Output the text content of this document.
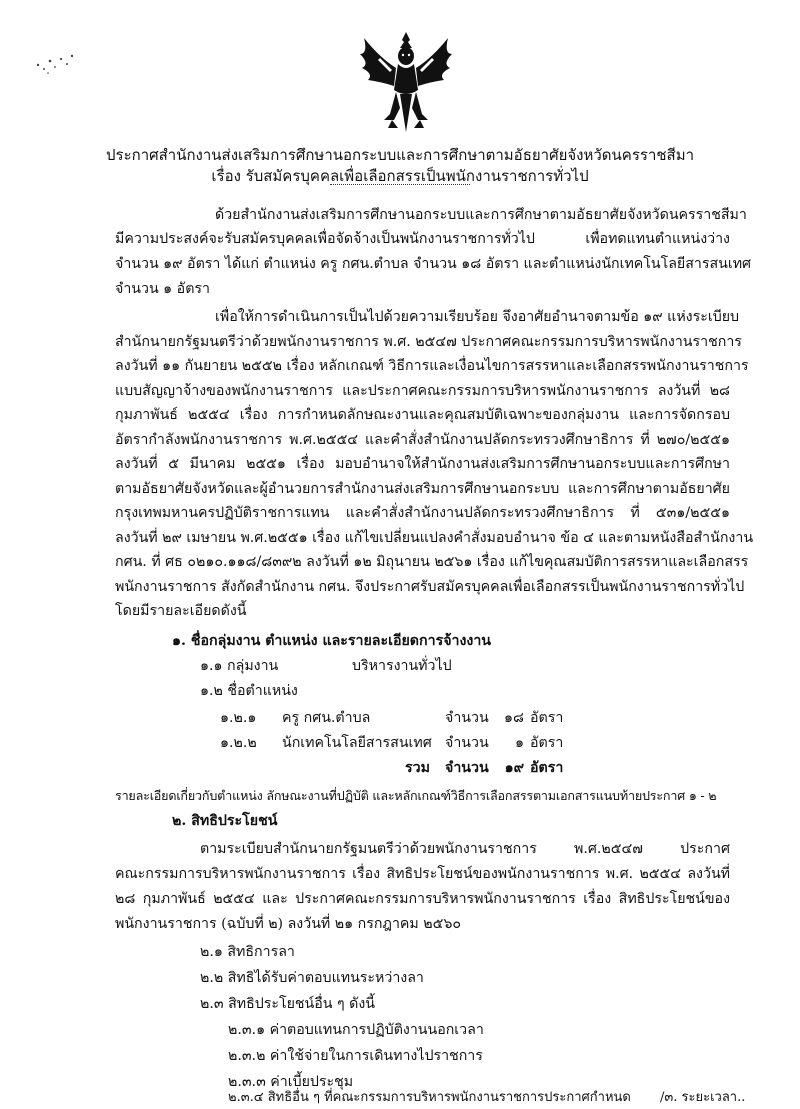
ประกาศสำนักงานส่งเสริมการศึกษานอกระบบและการศึกษาตามอัธยาศัยจังหวัดนครราชสีมา
เรื่อง รับสมัครบุคคลเพื่อเลือกสรรเป็นพนักงานราชการทั่วไป
ด้วยสำนักงานส่งเสริมการศึกษานอกระบบและการศึกษาตามอัธยาศัยจังหวัดนครราชสีมา
มีความประสงค์จะรับสมัครบุคคลเพื่อจัดจ้างเป็นพนักงานราชการทั่วไป เพื่อทดแทนตำแหน่งว่าง
จำนวน ๑๙ อัตรา ได้แก่ ตำแหน่ง ครู กศน.ตำบล จำนวน ๑๘ อัตรา และตำแหน่งนักเทคโนโลยีสารสนเทศ
จำนวน ๑ อัตรา
เพื่อให้การดำเนินการเป็นไปด้วยความเรียบร้อย จึงอาศัยอำนาจตามข้อ ๑๙ แห่งระเบียบ
สำนักนายกรัฐมนตรีว่าด้วยพนักงานราชการ พ.ศ. ๒๕๔๗ ประกาศคณะกรรมการบริหารพนักงานราชการ
ลงวันที่ ๑๑ กันยายน ๒๕๕๒ เรื่อง หลักเกณฑ์ วิธีการและเงื่อนไขการสรรหาและเลือกสรรพนักงานราชการ
แบบสัญญาจ้างของพนักงานราชการ และประกาศคณะกรรมการบริหารพนักงานราชการ ลงวันที่ ๒๘
กุมภาพันธ์ ๒๕๕๔ เรื่อง การกำหนดลักษณะงานและคุณสมบัติเฉพาะของกลุ่มงาน และการจัดกรอบ
อัตรากำลังพนักงานราชการ พ.ศ.๒๕๕๔ และคำสั่งสำนักงานปลัดกระทรวงศึกษาธิการ ที่ ๒๗๐/๒๕๕๑
ลงวันที่ ๕ มีนาคม ๒๕๕๑ เรื่อง มอบอำนาจให้สำนักงานส่งเสริมการศึกษานอกระบบและการศึกษา
ตามอัธยาศัยจังหวัดและผู้อำนวยการสำนักงานส่งเสริมการศึกษานอกระบบ และการศึกษาตามอัธยาศัย
กรุงเทพมหานครปฏิบัติราชการแทน และคำสั่งสำนักงานปลัดกระทรวงศึกษาธิการ ที่ ๕๓๑/๒๕๕๑
ลงวันที่ ๒๙ เมษายน พ.ศ.๒๕๕๑ เรื่อง แก้ไขเปลี่ยนแปลงคำสั่งมอบอำนาจ ข้อ ๔ และตามหนังสือสำนักงาน
กศน. ที่ ศธ ๐๒๑๐.๑๑๘/๘๓๙๒ ลงวันที่ ๑๒ มิถุนายน ๒๕๖๑ เรื่อง แก้ไขคุณสมบัติการสรรหาและเลือกสรร
พนักงานราชการ สังกัดสำนักงาน กศน. จึงประกาศรับสมัครบุคคลเพื่อเลือกสรรเป็นพนักงานราชการทั่วไป
โดยมีรายละเอียดดังนี้
๑. ชื่อกลุ่มงาน ตำแหน่ง และรายละเอียดการจ้างงาน
๑.๑ กลุ่มงาน	บริหารงานทั่วไป
๑.๒ ชื่อตำแหน่ง
๑.๒.๑ ครู กศน.ตำบล	จำนวน ๑๘ อัตรา
๑.๒.๒ นักเทคโนโลยีสารสนเทศ จำนวน	๑ อัตรา
รวม จำนวน	๑๙ อัตรา
รายละเอียดเกี่ยวกับตำแหน่ง ลักษณะงานที่ปฏิบัติ และหลักเกณฑ์วิธีการเลือกสรรตามเอกสารแนบท้ายประกาศ ๑ - ๒
๒. สิทธิประโยชน์
ตามระเบียบสำนักนายกรัฐมนตรีว่าด้วยพนักงานราชการ พ.ศ.๒๕๔๗ ประกาศ
คณะกรรมการบริหารพนักงานราชการ เรื่อง สิทธิประโยชน์ของพนักงานราชการ พ.ศ. ๒๕๕๔ ลงวันที่
๒๘ กุมภาพันธ์ ๒๕๕๔ และ ประกาศคณะกรรมการบริหารพนักงานราชการ เรื่อง สิทธิประโยชน์ของ
พนักงานราชการ (ฉบับที่ ๒) ลงวันที่ ๒๑ กรกฎาคม ๒๕๖๐
๒.๑ สิทธิการลา
๒.๒ สิทธิได้รับค่าตอบแทนระหว่างลา
๒.๓ สิทธิประโยชน์อื่น ๆ ดังนี้
๒.๓.๑ ค่าตอบแทนการปฏิบัติงานนอกเวลา
๒.๓.๒ ค่าใช้จ่ายในการเดินทางไปราชการ
๒.๓.๓ ค่าเบี้ยประชุม
๒.๓.๔ สิทธิอื่น ๆ ที่คณะกรรมการบริหารพนักงานราชการประกาศกำหนด /๓. ระยะเวลา..
